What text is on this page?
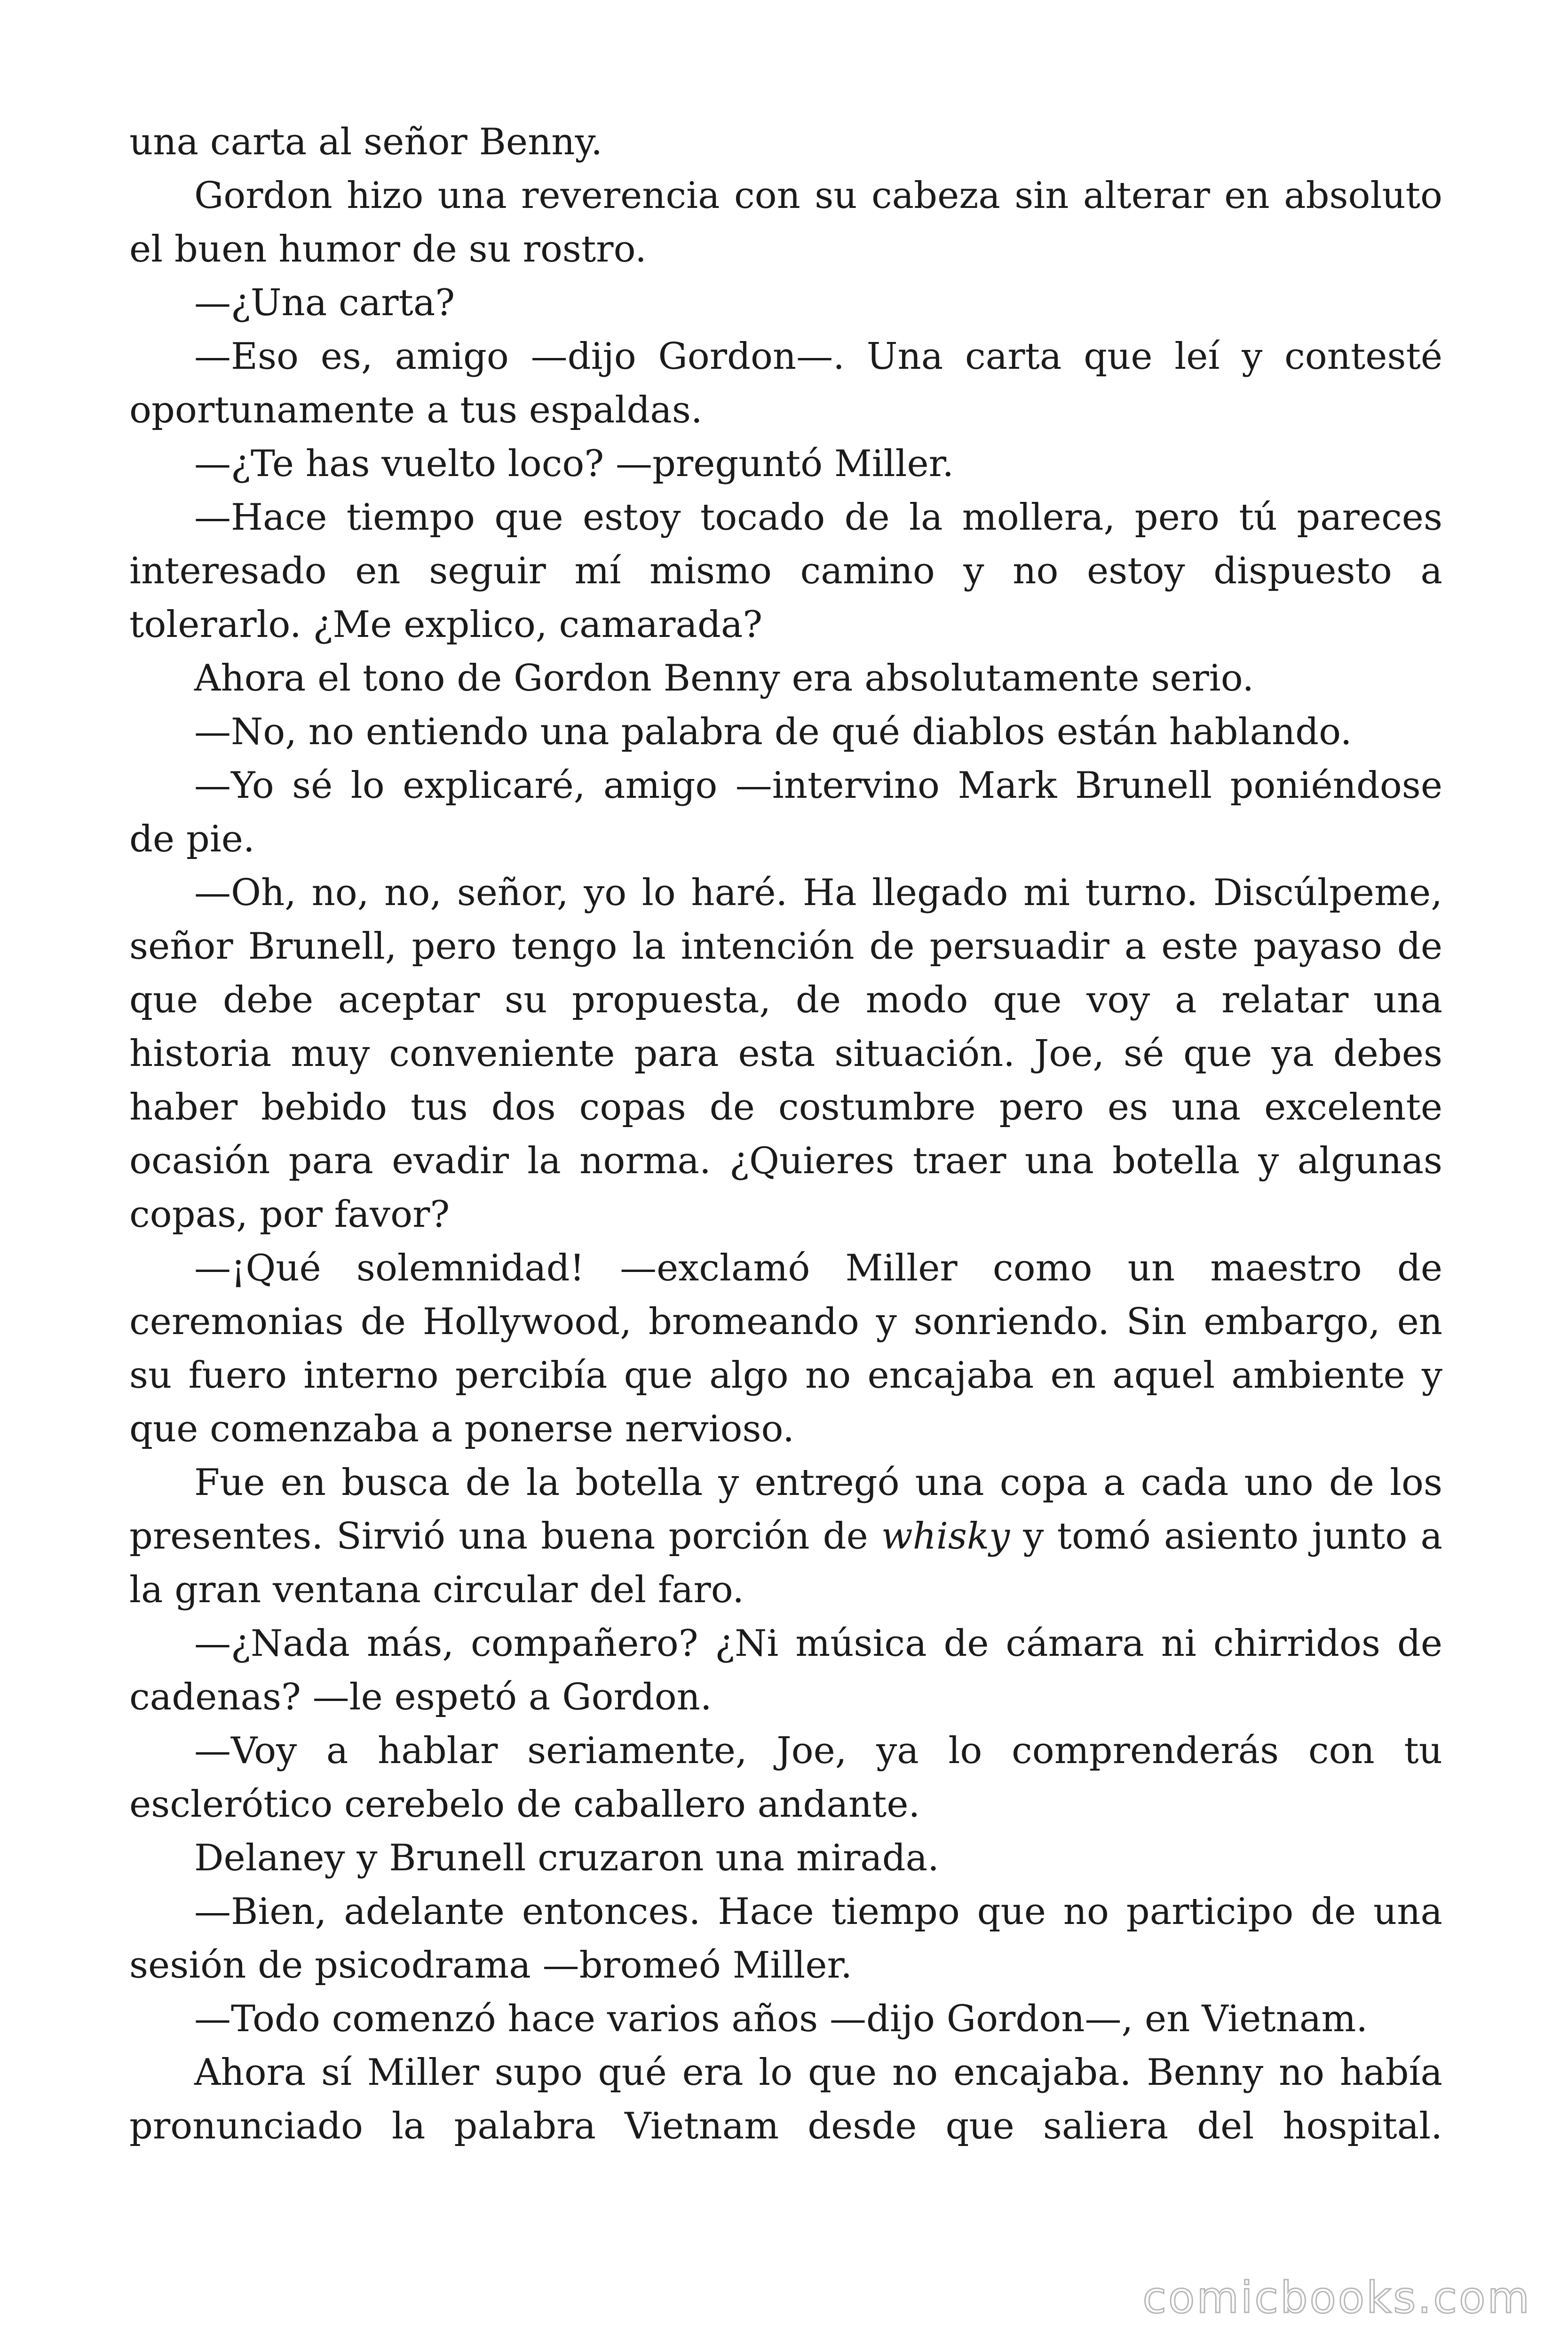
una carta al señor Benny.

Gordon hizo una reverencia con su cabeza sin alterar en absoluto el buen humor de su rostro.

—¿Una carta?

—Eso es, amigo —dijo Gordon—. Una carta que leí y contesté oportunamente a tus espaldas.

—¿Te has vuelto loco? —preguntó Miller.

—Hace tiempo que estoy tocado de la mollera, pero tú pareces interesado en seguir mí mismo camino y no estoy dispuesto a tolerarlo. ¿Me explico, camarada?

Ahora el tono de Gordon Benny era absolutamente serio.

—No, no entiendo una palabra de qué diablos están hablando.

—Yo sé lo explicaré, amigo —intervino Mark Brunell poniéndose de pie.

—Oh, no, no, señor, yo lo haré. Ha llegado mi turno. Discúlpeme, señor Brunell, pero tengo la intención de persuadir a este payaso de que debe aceptar su propuesta, de modo que voy a relatar una historia muy conveniente para esta situación. Joe, sé que ya debes haber bebido tus dos copas de costumbre pero es una excelente ocasión para evadir la norma. ¿Quieres traer una botella y algunas copas, por favor?

—¡Qué solemnidad! —exclamó Miller como un maestro de ceremonias de Hollywood, bromeando y sonriendo. Sin embargo, en su fuero interno percibía que algo no encajaba en aquel ambiente y que comenzaba a ponerse nervioso.

Fue en busca de la botella y entregó una copa a cada uno de los presentes. Sirvió una buena porción de whisky y tomó asiento junto a la gran ventana circular del faro.

—¿Nada más, compañero? ¿Ni música de cámara ni chirridos de cadenas? —le espetó a Gordon.

—Voy a hablar seriamente, Joe, ya lo comprenderás con tu esclerótico cerebelo de caballero andante.

Delaney y Brunell cruzaron una mirada.

—Bien, adelante entonces. Hace tiempo que no participo de una sesión de psicodrama —bromeó Miller.

—Todo comenzó hace varios años —dijo Gordon—, en Vietnam.

Ahora sí Miller supo qué era lo que no encajaba. Benny no había pronunciado la palabra Vietnam desde que saliera del hospital.

comicbooks.com
